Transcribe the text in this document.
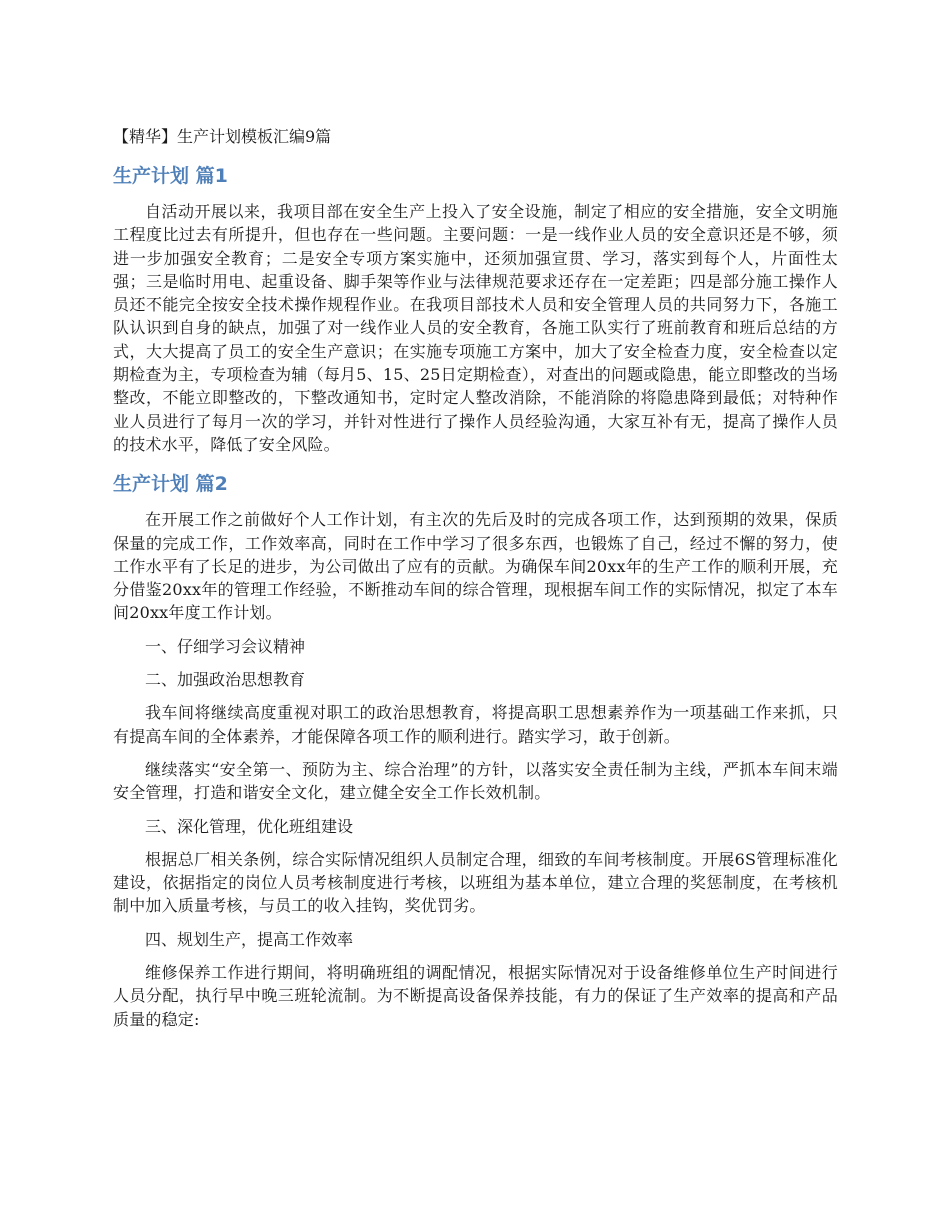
【精华】生产计划模板汇编9篇
生产计划 篇1

自活动开展以来，我项目部在安全生产上投入了安全设施，制定了相应的安全措施，安全文明施工程度比过去有所提升，但也存在一些问题。主要问题：一是一线作业人员的安全意识还是不够，须进一步加强安全教育；二是安全专项方案实施中，还须加强宣贯、学习，落实到每个人，片面性太强；三是临时用电、起重设备、脚手架等作业与法律规范要求还存在一定差距；四是部分施工操作人员还不能完全按安全技术操作规程作业。在我项目部技术人员和安全管理人员的共同努力下，各施工队认识到自身的缺点，加强了对一线作业人员的安全教育，各施工队实行了班前教育和班后总结的方式，大大提高了员工的安全生产意识；在实施专项施工方案中，加大了安全检查力度，安全检查以定期检查为主，专项检查为辅（每月5、15、25日定期检查），对查出的问题或隐患，能立即整改的当场整改，不能立即整改的，下整改通知书，定时定人整改消除，不能消除的将隐患降到最低；对特种作业人员进行了每月一次的学习，并针对性进行了操作人员经验沟通，大家互补有无，提高了操作人员的技术水平，降低了安全风险。

生产计划 篇2

在开展工作之前做好个人工作计划，有主次的先后及时的完成各项工作，达到预期的效果，保质保量的完成工作，工作效率高，同时在工作中学习了很多东西，也锻炼了自己，经过不懈的努力，使工作水平有了长足的进步，为公司做出了应有的贡献。为确保车间20xx年的生产工作的顺利开展，充分借鉴20xx年的管理工作经验，不断推动车间的综合管理，现根据车间工作的实际情况，拟定了本车间20xx年度工作计划。

一、仔细学习会议精神

二、加强政治思想教育

我车间将继续高度重视对职工的政治思想教育，将提高职工思想素养作为一项基础工作来抓，只有提高车间的全体素养，才能保障各项工作的顺利进行。踏实学习，敢于创新。

继续落实“安全第一、预防为主、综合治理”的方针，以落实安全责任制为主线，严抓本车间末端安全管理，打造和谐安全文化，建立健全安全工作长效机制。

三、深化管理，优化班组建设

根据总厂相关条例，综合实际情况组织人员制定合理，细致的车间考核制度。开展6S管理标准化建设，依据指定的岗位人员考核制度进行考核，以班组为基本单位，建立合理的奖惩制度，在考核机制中加入质量考核，与员工的收入挂钩，奖优罚劣。

四、规划生产，提高工作效率

维修保养工作进行期间，将明确班组的调配情况，根据实际情况对于设备维修单位生产时间进行人员分配，执行早中晚三班轮流制。为不断提高设备保养技能，有力的保证了生产效率的提高和产品质量的稳定:
